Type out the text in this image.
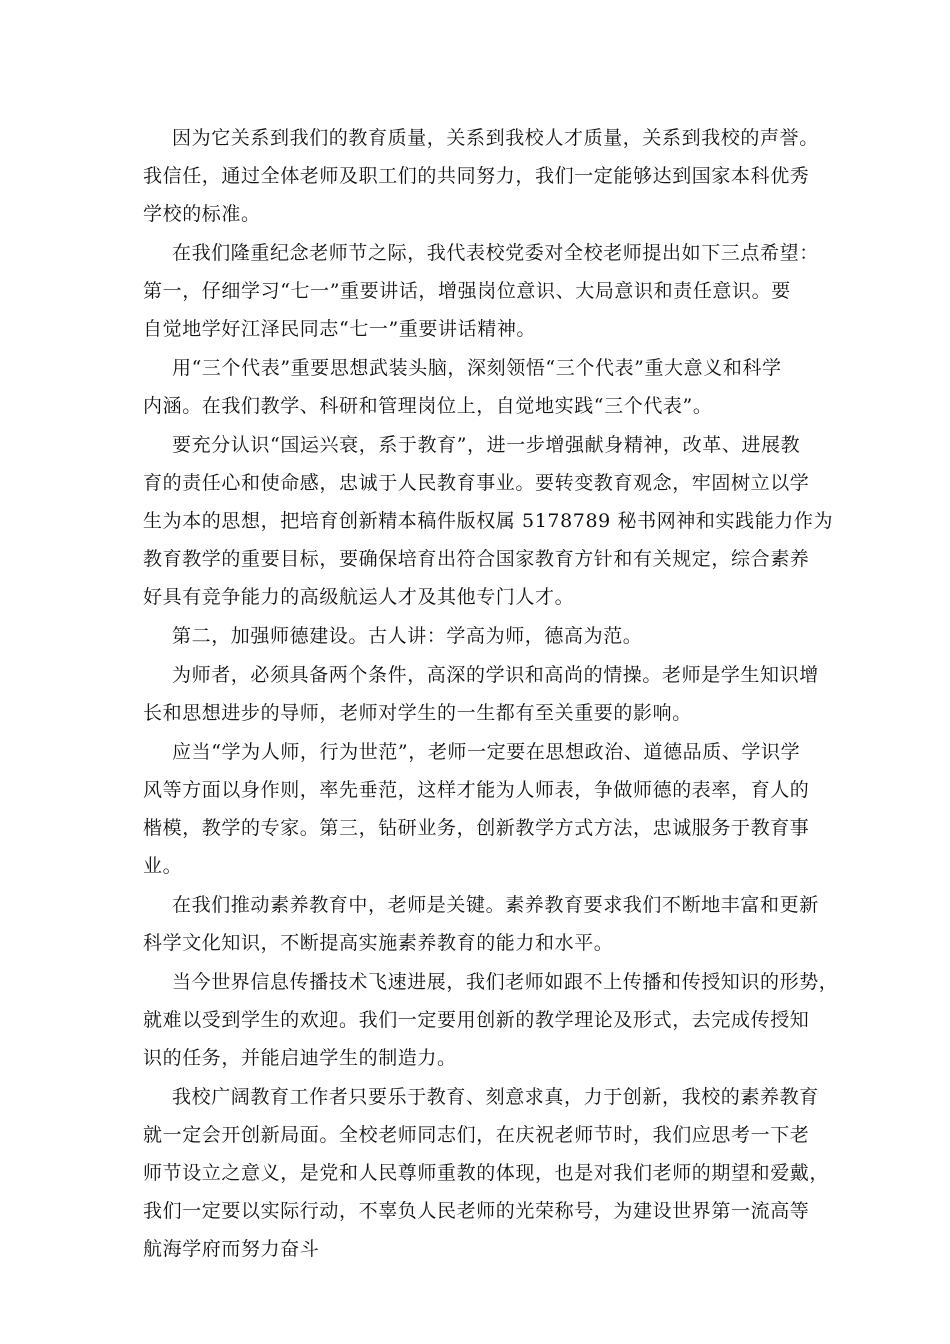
因为它关系到我们的教育质量，关系到我校人才质量，关系到我校的声誉。
我信任，通过全体老师及职工们的共同努力，我们一定能够达到国家本科优秀
学校的标准。
在我们隆重纪念老师节之际，我代表校党委对全校老师提出如下三点希望：
第一，仔细学习“七一”重要讲话，增强岗位意识、大局意识和责任意识。要
自觉地学好江泽民同志“七一”重要讲话精神。
用“三个代表”重要思想武装头脑，深刻领悟“三个代表”重大意义和科学
内涵。在我们教学、科研和管理岗位上，自觉地实践“三个代表”。
要充分认识“国运兴衰，系于教育”，进一步增强献身精神，改革、进展教
育的责任心和使命感，忠诚于人民教育事业。要转变教育观念，牢固树立以学
生为本的思想，把培育创新精本稿件版权属 5178789 秘书网神和实践能力作为
教育教学的重要目标，要确保培育出符合国家教育方针和有关规定，综合素养
好具有竞争能力的高级航运人才及其他专门人才。
第二，加强师德建设。古人讲：学高为师，德高为范。
为师者，必须具备两个条件，高深的学识和高尚的情操。老师是学生知识增
长和思想进步的导师，老师对学生的一生都有至关重要的影响。
应当“学为人师，行为世范”，老师一定要在思想政治、道德品质、学识学
风等方面以身作则，率先垂范，这样才能为人师表，争做师德的表率，育人的
楷模，教学的专家。第三，钻研业务，创新教学方式方法，忠诚服务于教育事
业。
在我们推动素养教育中，老师是关键。素养教育要求我们不断地丰富和更新
科学文化知识，不断提高实施素养教育的能力和水平。
当今世界信息传播技术飞速进展，我们老师如跟不上传播和传授知识的形势，
就难以受到学生的欢迎。我们一定要用创新的教学理论及形式，去完成传授知
识的任务，并能启迪学生的制造力。
我校广阔教育工作者只要乐于教育、刻意求真，力于创新，我校的素养教育
就一定会开创新局面。全校老师同志们，在庆祝老师节时，我们应思考一下老
师节设立之意义，是党和人民尊师重教的体现，也是对我们老师的期望和爱戴，
我们一定要以实际行动，不辜负人民老师的光荣称号，为建设世界第一流高等
航海学府而努力奋斗
